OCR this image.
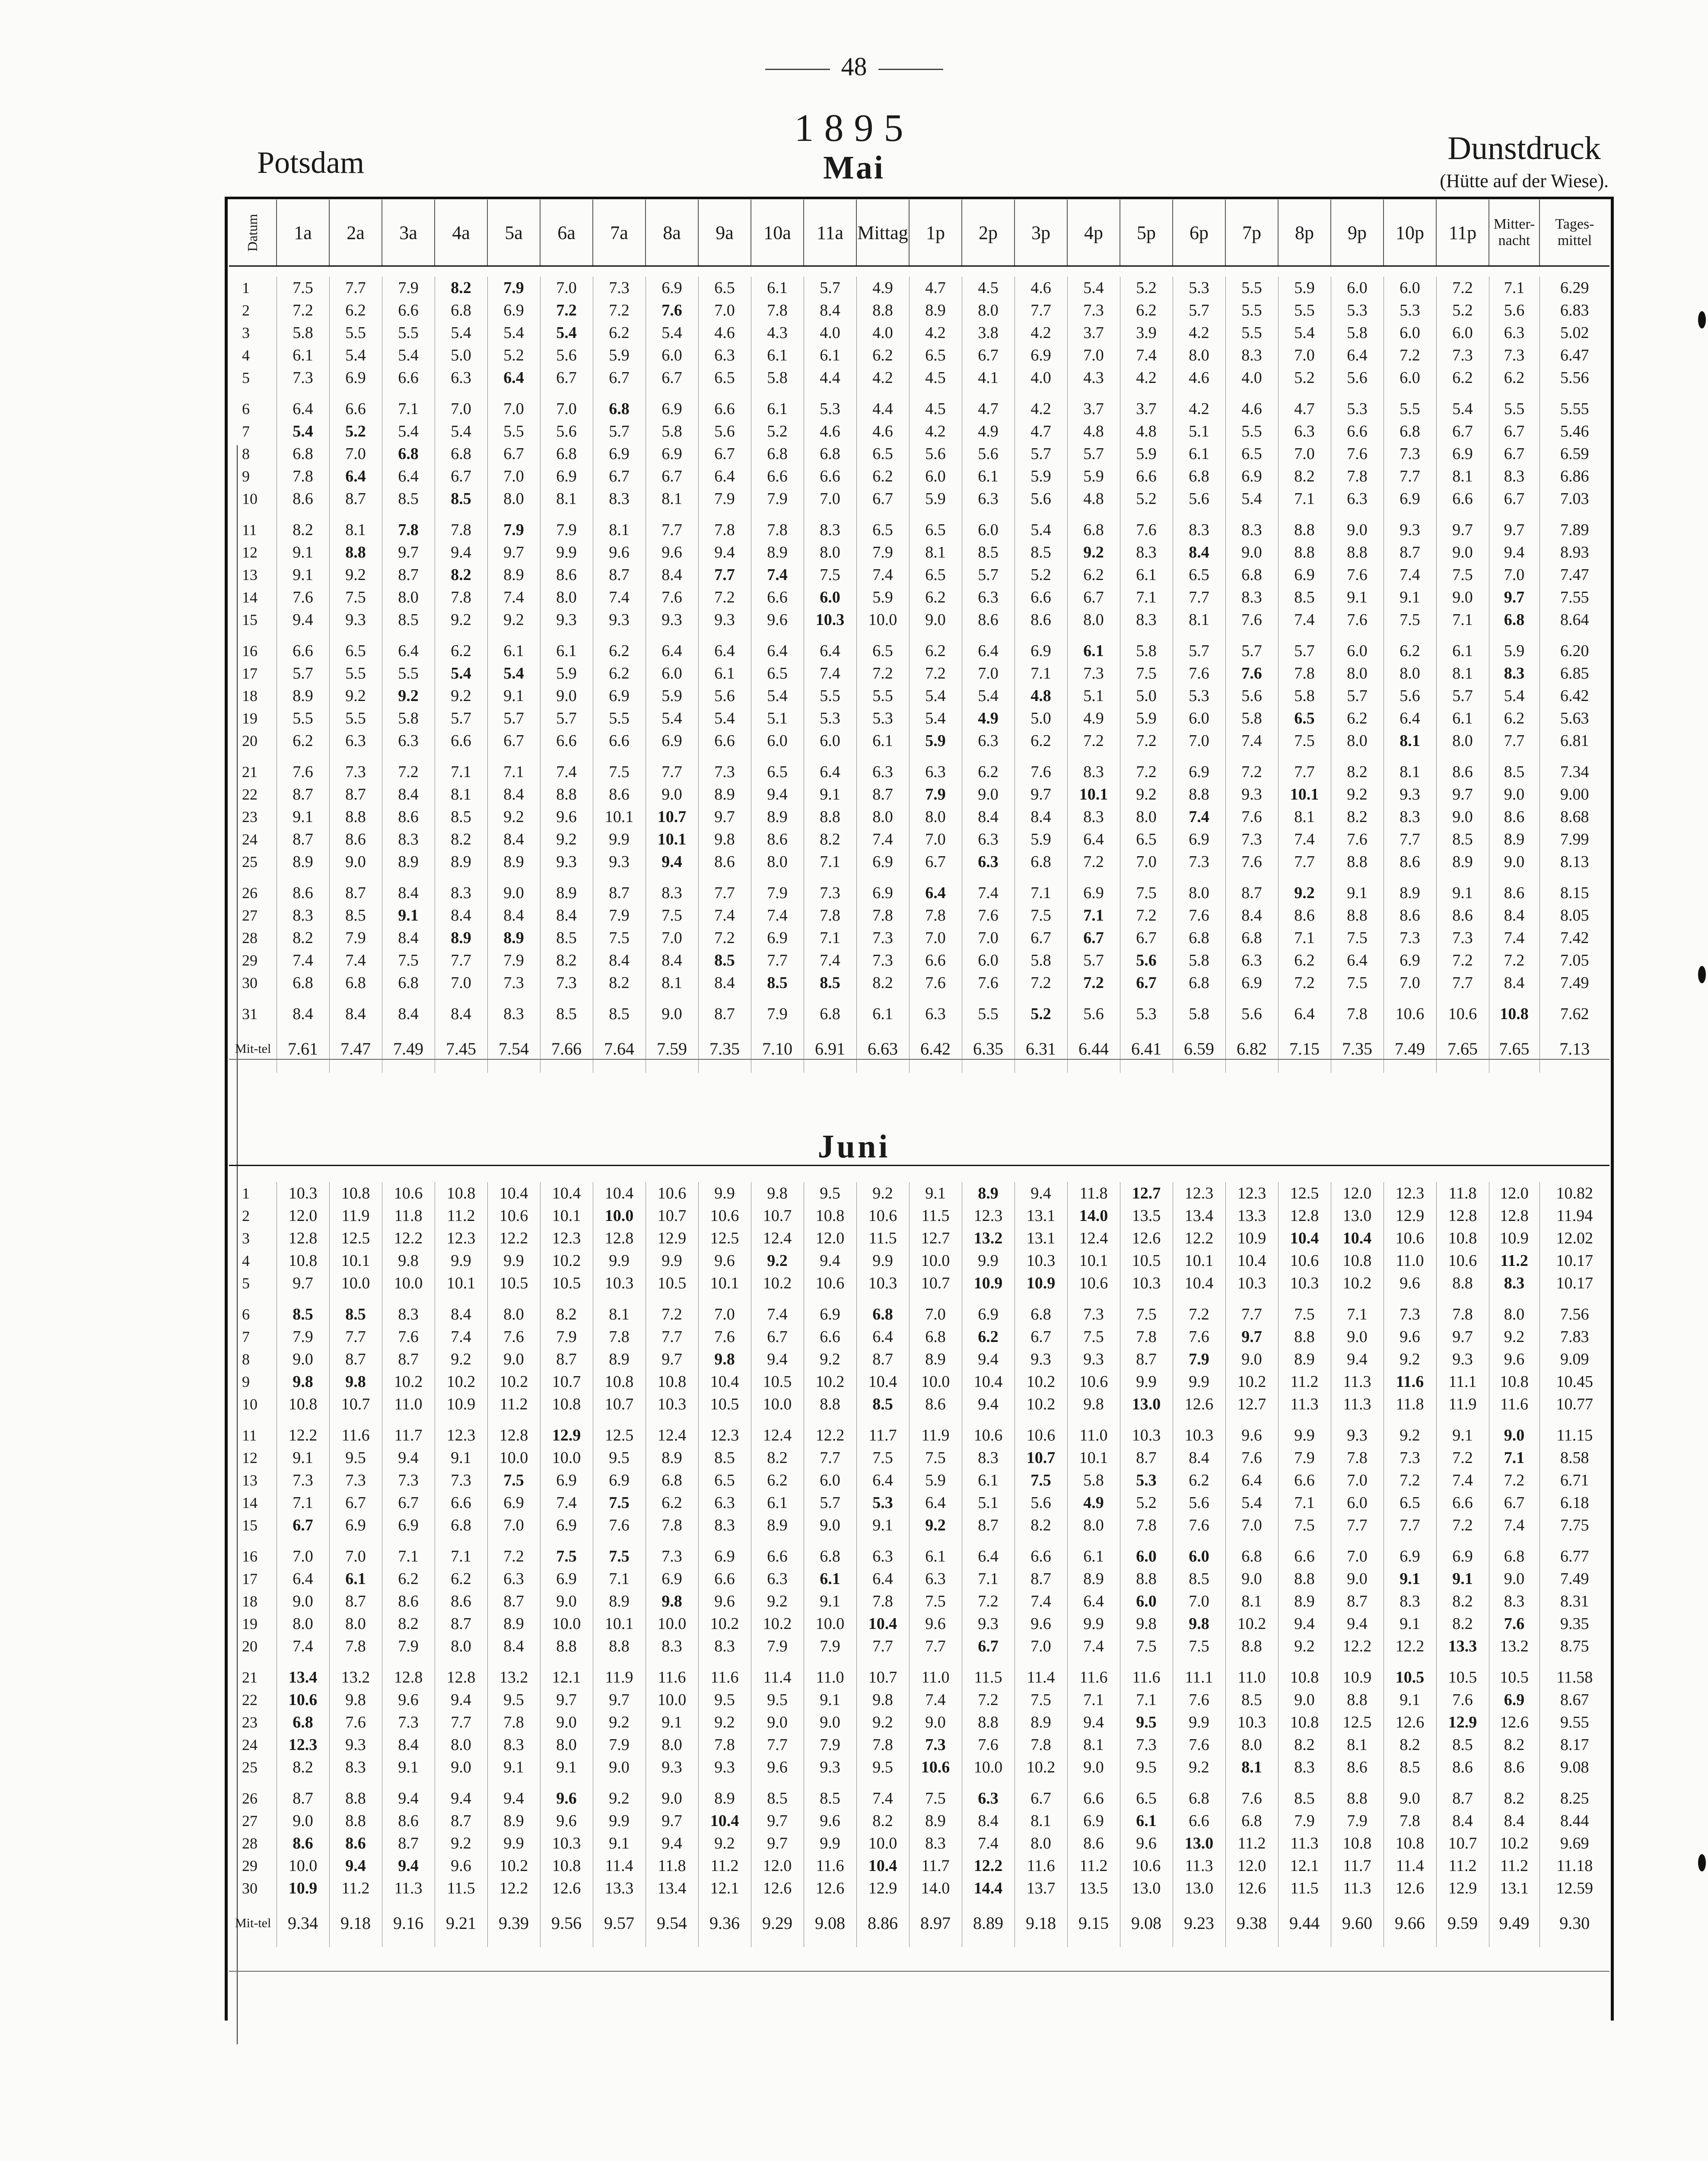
48
1895
Potsdam	Mai
Dunstdruck
(Hütte auf der Wiese).
Datum	1a	2a	3a	4a	5a	6a	7a	8a	9a	10a	11a	Mittag	1p	2p	3p	4p	5p	6p	7p	8p	9p	10p	11p	Mitter-nacht	Tages-mittel
1	7.5	7.7	7.9	8.2	7.9	7.0	7.3	6.9	6.5	6.1	5.7	4.9	4.7	4.5	4.6	5.4	5.2	5.3	5.5	5.9	6.0	6.0	7.2	7.1	6.29
2	7.2	6.2	6.6	6.8	6.9	7.2	7.2	7.6	7.0	7.8	8.4	8.8	8.9	8.0	7.7	7.3	6.2	5.7	5.5	5.5	5.3	5.3	5.2	5.6	6.83
3	5.8	5.5	5.5	5.4	5.4	5.4	6.2	5.4	4.6	4.3	4.0	4.0	4.2	3.8	4.2	3.7	3.9	4.2	5.5	5.4	5.8	6.0	6.0	6.3	5.02
4	6.1	5.4	5.4	5.0	5.2	5.6	5.9	6.0	6.3	6.1	6.1	6.2	6.5	6.7	6.9	7.0	7.4	8.0	8.3	7.0	6.4	7.2	7.3	7.3	6.47
5	7.3	6.9	6.6	6.3	6.4	6.7	6.7	6.7	6.5	5.8	4.4	4.2	4.5	4.1	4.0	4.3	4.2	4.6	4.0	5.2	5.6	6.0	6.2	6.2	5.56
6	6.4	6.6	7.1	7.0	7.0	7.0	6.8	6.9	6.6	6.1	5.3	4.4	4.5	4.7	4.2	3.7	3.7	4.2	4.6	4.7	5.3	5.5	5.4	5.5	5.55
7	5.4	5.2	5.4	5.4	5.5	5.6	5.7	5.8	5.6	5.2	4.6	4.6	4.2	4.9	4.7	4.8	4.8	5.1	5.5	6.3	6.6	6.8	6.7	6.7	5.46
8	6.8	7.0	6.8	6.8	6.7	6.8	6.9	6.9	6.7	6.8	6.8	6.5	5.6	5.6	5.7	5.7	5.9	6.1	6.5	7.0	7.6	7.3	6.9	6.7	6.59
9	7.8	6.4	6.4	6.7	7.0	6.9	6.7	6.7	6.4	6.6	6.6	6.2	6.0	6.1	5.9	5.9	6.6	6.8	6.9	8.2	7.8	7.7	8.1	8.3	6.86
10	8.6	8.7	8.5	8.5	8.0	8.1	8.3	8.1	7.9	7.9	7.0	6.7	5.9	6.3	5.6	4.8	5.2	5.6	5.4	7.1	6.3	6.9	6.6	6.7	7.03
11	8.2	8.1	7.8	7.8	7.9	7.9	8.1	7.7	7.8	7.8	8.3	6.5	6.5	6.0	5.4	6.8	7.6	8.3	8.3	8.8	9.0	9.3	9.7	9.7	7.89
12	9.1	8.8	9.7	9.4	9.7	9.9	9.6	9.6	9.4	8.9	8.0	7.9	8.1	8.5	8.5	9.2	8.3	8.4	9.0	8.8	8.8	8.7	9.0	9.4	8.93
13	9.1	9.2	8.7	8.2	8.9	8.6	8.7	8.4	7.7	7.4	7.5	7.4	6.5	5.7	5.2	6.2	6.1	6.5	6.8	6.9	7.6	7.4	7.5	7.0	7.47
14	7.6	7.5	8.0	7.8	7.4	8.0	7.4	7.6	7.2	6.6	6.0	5.9	6.2	6.3	6.6	6.7	7.1	7.7	8.3	8.5	9.1	9.1	9.0	9.7	7.55
15	9.4	9.3	8.5	9.2	9.2	9.3	9.3	9.3	9.3	9.6	10.3	10.0	9.0	8.6	8.6	8.0	8.3	8.1	7.6	7.4	7.6	7.5	7.1	6.8	8.64
16	6.6	6.5	6.4	6.2	6.1	6.1	6.2	6.4	6.4	6.4	6.4	6.5	6.2	6.4	6.9	6.1	5.8	5.7	5.7	5.7	6.0	6.2	6.1	5.9	6.20
17	5.7	5.5	5.5	5.4	5.4	5.9	6.2	6.0	6.1	6.5	7.4	7.2	7.2	7.0	7.1	7.3	7.5	7.6	7.6	7.8	8.0	8.0	8.1	8.3	6.85
18	8.9	9.2	9.2	9.2	9.1	9.0	6.9	5.9	5.6	5.4	5.5	5.5	5.4	5.4	4.8	5.1	5.0	5.3	5.6	5.8	5.7	5.6	5.7	5.4	6.42
19	5.5	5.5	5.8	5.7	5.7	5.7	5.5	5.4	5.4	5.1	5.3	5.3	5.4	4.9	5.0	4.9	5.9	6.0	5.8	6.5	6.2	6.4	6.1	6.2	5.63
20	6.2	6.3	6.3	6.6	6.7	6.6	6.6	6.9	6.6	6.0	6.0	6.1	5.9	6.3	6.2	7.2	7.2	7.0	7.4	7.5	8.0	8.1	8.0	7.7	6.81
21	7.6	7.3	7.2	7.1	7.1	7.4	7.5	7.7	7.3	6.5	6.4	6.3	6.3	6.2	7.6	8.3	7.2	6.9	7.2	7.7	8.2	8.1	8.6	8.5	7.34
22	8.7	8.7	8.4	8.1	8.4	8.8	8.6	9.0	8.9	9.4	9.1	8.7	7.9	9.0	9.7	10.1	9.2	8.8	9.3	10.1	9.2	9.3	9.7	9.0	9.00
23	9.1	8.8	8.6	8.5	9.2	9.6	10.1	10.7	9.7	8.9	8.8	8.0	8.0	8.4	8.4	8.3	8.0	7.4	7.6	8.1	8.2	8.3	9.0	8.6	8.68
24	8.7	8.6	8.3	8.2	8.4	9.2	9.9	10.1	9.8	8.6	8.2	7.4	7.0	6.3	5.9	6.4	6.5	6.9	7.3	7.4	7.6	7.7	8.5	8.9	7.99
25	8.9	9.0	8.9	8.9	8.9	9.3	9.3	9.4	8.6	8.0	7.1	6.9	6.7	6.3	6.8	7.2	7.0	7.3	7.6	7.7	8.8	8.6	8.9	9.0	8.13
26	8.6	8.7	8.4	8.3	9.0	8.9	8.7	8.3	7.7	7.9	7.3	6.9	6.4	7.4	7.1	6.9	7.5	8.0	8.7	9.2	9.1	8.9	9.1	8.6	8.15
27	8.3	8.5	9.1	8.4	8.4	8.4	7.9	7.5	7.4	7.4	7.8	7.8	7.8	7.6	7.5	7.1	7.2	7.6	8.4	8.6	8.8	8.6	8.6	8.4	8.05
28	8.2	7.9	8.4	8.9	8.9	8.5	7.5	7.0	7.2	6.9	7.1	7.3	7.0	7.0	6.7	6.7	6.7	6.8	6.8	7.1	7.5	7.3	7.3	7.4	7.42
29	7.4	7.4	7.5	7.7	7.9	8.2	8.4	8.4	8.5	7.7	7.4	7.3	6.6	6.0	5.8	5.7	5.6	5.8	6.3	6.2	6.4	6.9	7.2	7.2	7.05
30	6.8	6.8	6.8	7.0	7.3	7.3	8.2	8.1	8.4	8.5	8.5	8.2	7.6	7.6	7.2	7.2	6.7	6.8	6.9	7.2	7.5	7.0	7.7	8.4	7.49
31	8.4	8.4	8.4	8.4	8.3	8.5	8.5	9.0	8.7	7.9	6.8	6.1	6.3	5.5	5.2	5.6	5.3	5.8	5.6	6.4	7.8	10.6	10.6	10.8	7.62
Mit-tel	7.61	7.47	7.49	7.45	7.54	7.66	7.64	7.59	7.35	7.10	6.91	6.63	6.42	6.35	6.31	6.44	6.41	6.59	6.82	7.15	7.35	7.49	7.65	7.65	7.13
Juni
1	10.3	10.8	10.6	10.8	10.4	10.4	10.4	10.6	9.9	9.8	9.5	9.2	9.1	8.9	9.4	11.8	12.7	12.3	12.3	12.5	12.0	12.3	11.8	12.0	10.82
2	12.0	11.9	11.8	11.2	10.6	10.1	10.0	10.7	10.6	10.7	10.8	10.6	11.5	12.3	13.1	14.0	13.5	13.4	13.3	12.8	13.0	12.9	12.8	12.8	11.94
3	12.8	12.5	12.2	12.3	12.2	12.3	12.8	12.9	12.5	12.4	12.0	11.5	12.7	13.2	13.1	12.4	12.6	12.2	10.9	10.4	10.4	10.6	10.8	10.9	12.02
4	10.8	10.1	9.8	9.9	9.9	10.2	9.9	9.9	9.6	9.2	9.4	9.9	10.0	9.9	10.3	10.1	10.5	10.1	10.4	10.6	10.8	11.0	10.6	11.2	10.17
5	9.7	10.0	10.0	10.1	10.5	10.5	10.3	10.5	10.1	10.2	10.6	10.3	10.7	10.9	10.9	10.6	10.3	10.4	10.3	10.3	10.2	9.6	8.8	8.3	10.17
6	8.5	8.5	8.3	8.4	8.0	8.2	8.1	7.2	7.0	7.4	6.9	6.8	7.0	6.9	6.8	7.3	7.5	7.2	7.7	7.5	7.1	7.3	7.8	8.0	7.56
7	7.9	7.7	7.6	7.4	7.6	7.9	7.8	7.7	7.6	6.7	6.6	6.4	6.8	6.2	6.7	7.5	7.8	7.6	9.7	8.8	9.0	9.6	9.7	9.2	7.83
8	9.0	8.7	8.7	9.2	9.0	8.7	8.9	9.7	9.8	9.4	9.2	8.7	8.9	9.4	9.3	9.3	8.7	7.9	9.0	8.9	9.4	9.2	9.3	9.6	9.09
9	9.8	9.8	10.2	10.2	10.2	10.7	10.8	10.8	10.4	10.5	10.2	10.4	10.0	10.4	10.2	10.6	9.9	9.9	10.2	11.2	11.3	11.6	11.1	10.8	10.45
10	10.8	10.7	11.0	10.9	11.2	10.8	10.7	10.3	10.5	10.0	8.8	8.5	8.6	9.4	10.2	9.8	13.0	12.6	12.7	11.3	11.3	11.8	11.9	11.6	10.77
11	12.2	11.6	11.7	12.3	12.8	12.9	12.5	12.4	12.3	12.4	12.2	11.7	11.9	10.6	10.6	11.0	10.3	10.3	9.6	9.9	9.3	9.2	9.1	9.0	11.15
12	9.1	9.5	9.4	9.1	10.0	10.0	9.5	8.9	8.5	8.2	7.7	7.5	7.5	8.3	10.7	10.1	8.7	8.4	7.6	7.9	7.8	7.3	7.2	7.1	8.58
13	7.3	7.3	7.3	7.3	7.5	6.9	6.9	6.8	6.5	6.2	6.0	6.4	5.9	6.1	7.5	5.8	5.3	6.2	6.4	6.6	7.0	7.2	7.4	7.2	6.71
14	7.1	6.7	6.7	6.6	6.9	7.4	7.5	6.2	6.3	6.1	5.7	5.3	6.4	5.1	5.6	4.9	5.2	5.6	5.4	7.1	6.0	6.5	6.6	6.7	6.18
15	6.7	6.9	6.9	6.8	7.0	6.9	7.6	7.8	8.3	8.9	9.0	9.1	9.2	8.7	8.2	8.0	7.8	7.6	7.0	7.5	7.7	7.7	7.2	7.4	7.75
16	7.0	7.0	7.1	7.1	7.2	7.5	7.5	7.3	6.9	6.6	6.8	6.3	6.1	6.4	6.6	6.1	6.0	6.0	6.8	6.6	7.0	6.9	6.9	6.8	6.77
17	6.4	6.1	6.2	6.2	6.3	6.9	7.1	6.9	6.6	6.3	6.1	6.4	6.3	7.1	8.7	8.9	8.8	8.5	9.0	8.8	9.0	9.1	9.1	9.0	7.49
18	9.0	8.7	8.6	8.6	8.7	9.0	8.9	9.8	9.6	9.2	9.1	7.8	7.5	7.2	7.4	6.4	6.0	7.0	8.1	8.9	8.7	8.3	8.2	8.3	8.31
19	8.0	8.0	8.2	8.7	8.9	10.0	10.1	10.0	10.2	10.2	10.0	10.4	9.6	9.3	9.6	9.9	9.8	9.8	10.2	9.4	9.4	9.1	8.2	7.6	9.35
20	7.4	7.8	7.9	8.0	8.4	8.8	8.8	8.3	8.3	7.9	7.9	7.7	7.7	6.7	7.0	7.4	7.5	7.5	8.8	9.2	12.2	12.2	13.3	13.2	8.75
21	13.4	13.2	12.8	12.8	13.2	12.1	11.9	11.6	11.6	11.4	11.0	10.7	11.0	11.5	11.4	11.6	11.6	11.1	11.0	10.8	10.9	10.5	10.5	10.5	11.58
22	10.6	9.8	9.6	9.4	9.5	9.7	9.7	10.0	9.5	9.5	9.1	9.8	7.4	7.2	7.5	7.1	7.1	7.6	8.5	9.0	8.8	9.1	7.6	6.9	8.67
23	6.8	7.6	7.3	7.7	7.8	9.0	9.2	9.1	9.2	9.0	9.0	9.2	9.0	8.8	8.9	9.4	9.5	9.9	10.3	10.8	12.5	12.6	12.9	12.6	9.55
24	12.3	9.3	8.4	8.0	8.3	8.0	7.9	8.0	7.8	7.7	7.9	7.8	7.3	7.6	7.8	8.1	7.3	7.6	8.0	8.2	8.1	8.2	8.5	8.2	8.17
25	8.2	8.3	9.1	9.0	9.1	9.1	9.0	9.3	9.3	9.6	9.3	9.5	10.6	10.0	10.2	9.0	9.5	9.2	8.1	8.3	8.6	8.5	8.6	8.6	9.08
26	8.7	8.8	9.4	9.4	9.4	9.6	9.2	9.0	8.9	8.5	8.5	7.4	7.5	6.3	6.7	6.6	6.5	6.8	7.6	8.5	8.8	9.0	8.7	8.2	8.25
27	9.0	8.8	8.6	8.7	8.9	9.6	9.9	9.7	10.4	9.7	9.6	8.2	8.9	8.4	8.1	6.9	6.1	6.6	6.8	7.9	7.9	7.8	8.4	8.4	8.44
28	8.6	8.6	8.7	9.2	9.9	10.3	9.1	9.4	9.2	9.7	9.9	10.0	8.3	7.4	8.0	8.6	9.6	13.0	11.2	11.3	10.8	10.8	10.7	10.2	9.69
29	10.0	9.4	9.4	9.6	10.2	10.8	11.4	11.8	11.2	12.0	11.6	10.4	11.7	12.2	11.6	11.2	10.6	11.3	12.0	12.1	11.7	11.4	11.2	11.2	11.18
30	10.9	11.2	11.3	11.5	12.2	12.6	13.3	13.4	12.1	12.6	12.6	12.9	14.0	14.4	13.7	13.5	13.0	13.0	12.6	11.5	11.3	12.6	12.9	13.1	12.59
Mit-tel	9.34	9.18	9.16	9.21	9.39	9.56	9.57	9.54	9.36	9.29	9.08	8.86	8.97	8.89	9.18	9.15	9.08	9.23	9.38	9.44	9.60	9.66	9.59	9.49	9.30
